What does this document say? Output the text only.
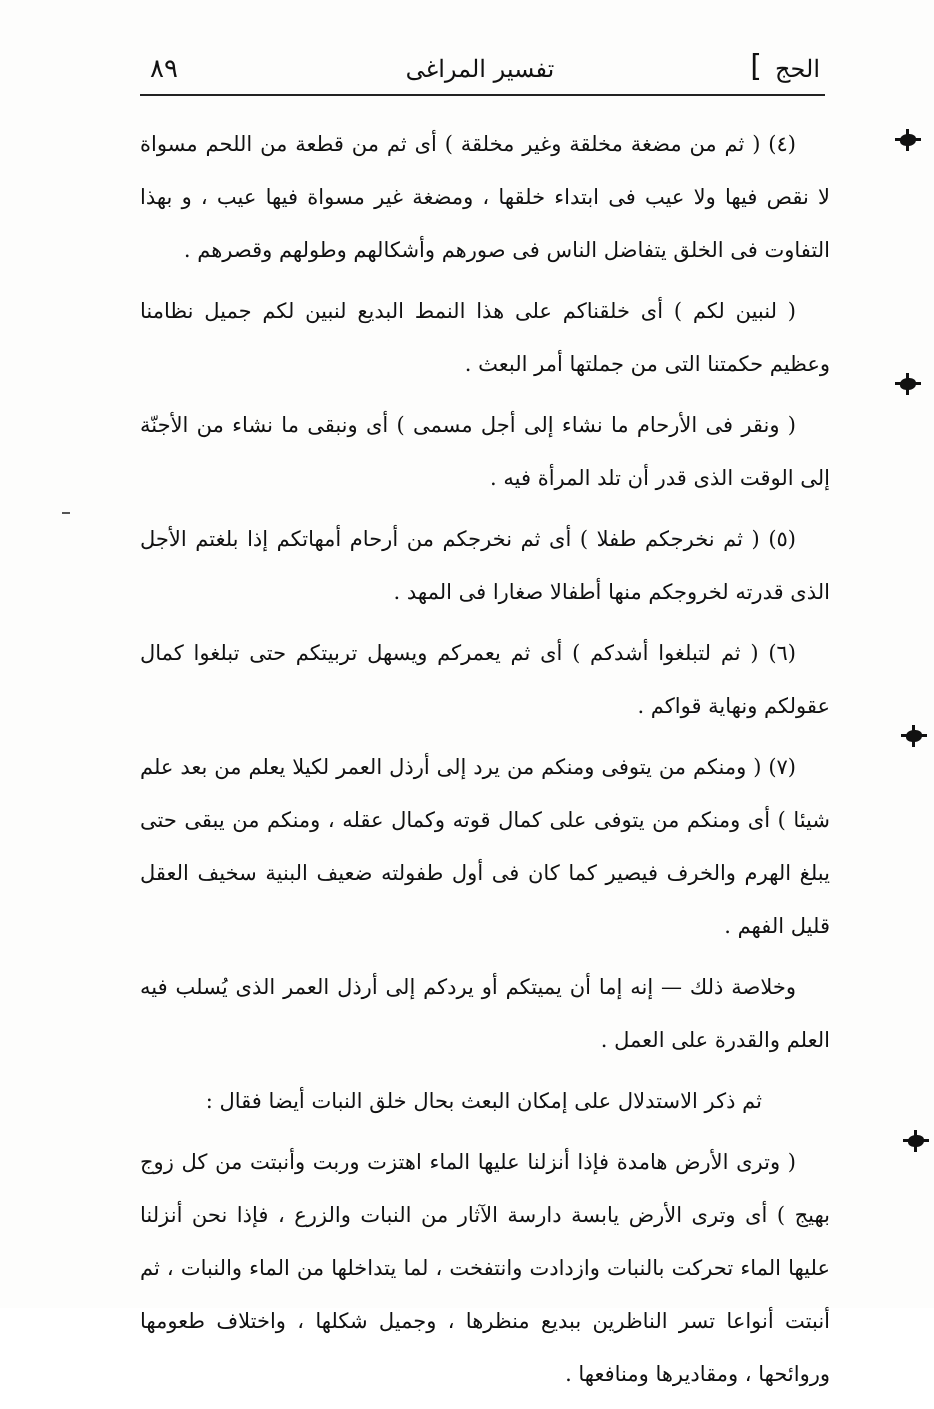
الحج
]
تفسير المراغى
٨٩

(٤) ( ثم من مضغة مخلقة وغير مخلقة ) أى ثم من قطعة من اللحم مسواة لا نقص فيها ولا عيب فى ابتداء خلقها ، ومضغة غير مسواة فيها عيب ، و بهذا التفاوت فى الخلق يتفاضل الناس فى صورهم وأشكالهم وطولهم وقصرهم .

( لنبين لكم ) أى خلقناكم على هذا النمط البديع لنبين لكم جميل نظامنا وعظيم حكمتنا التى من جملتها أمر البعث .

( ونقر فى الأرحام ما نشاء إلى أجل مسمى ) أى ونبقى ما نشاء من الأجنّة إلى الوقت الذى قدر أن تلد المرأة فيه .

(٥) ( ثم نخرجكم طفلا ) أى ثم نخرجكم من أرحام أمهاتكم إذا بلغتم الأجل الذى قدرته لخروجكم منها أطفالا صغارا فى المهد .

(٦) ( ثم لتبلغوا أشدكم ) أى ثم يعمركم ويسهل تربيتكم حتى تبلغوا كمال عقولكم ونهاية قواكم .

(٧) ( ومنكم من يتوفى ومنكم من يرد إلى أرذل العمر لكيلا يعلم من بعد علم شيئا ) أى ومنكم من يتوفى على كمال قوته وكمال عقله ، ومنكم من يبقى حتى يبلغ الهرم والخرف فيصير كما كان فى أول طفولته ضعيف البنية سخيف العقل قليل الفهم .

وخلاصة ذلك — إنه إما أن يميتكم أو يردكم إلى أرذل العمر الذى يُسلب فيه العلم والقدرة على العمل .

ثم ذكر الاستدلال على إمكان البعث بحال خلق النبات أيضا فقال :

( وترى الأرض هامدة فإذا أنزلنا عليها الماء اهتزت وربت وأنبتت من كل زوج بهيج ) أى وترى الأرض يابسة دارسة الآثار من النبات والزرع ، فإذا نحن أنزلنا عليها الماء تحركت بالنبات وازدادت وانتفخت ، لما يتداخلها من الماء والنبات ، ثم أنبتت أنواعا تسر الناظرين ببديع منظرها ، وجميل شكلها ، واختلاف طعومها وروائحها ، ومقاديرها ومنافعها .
